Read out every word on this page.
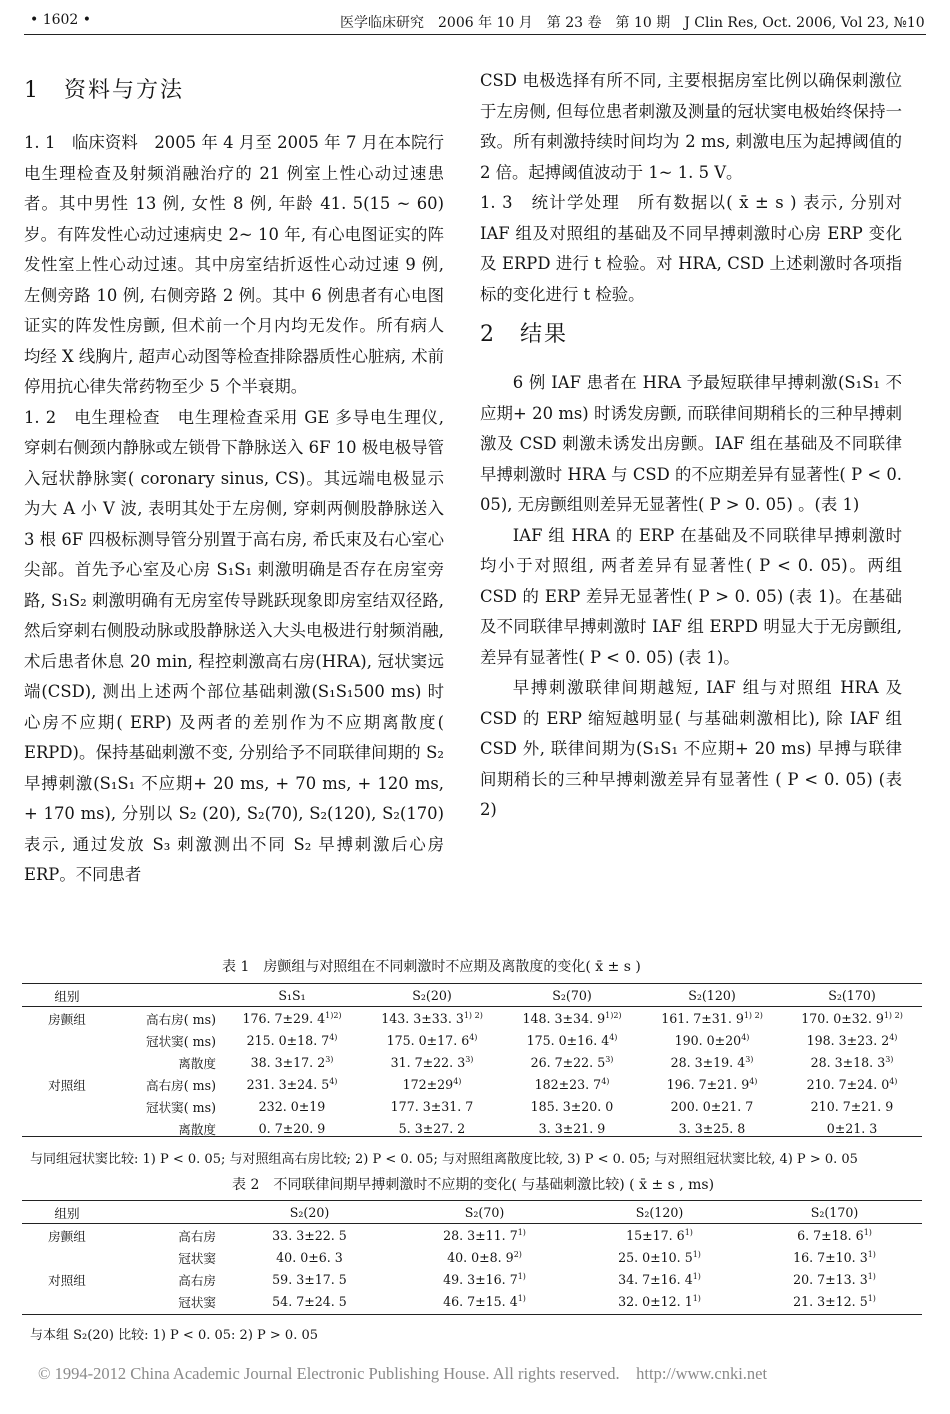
• 1602 •	医学临床研究　2006 年 10 月　第 23 卷　第 10 期　J Clin Res, Oct. 2006, Vol 23, №10
1　资料与方法

1. 1　临床资料　2005 年 4 月至 2005 年 7 月在本院行电生理检查及射频消融治疗的 21 例室上性心动过速患者。其中男性 13 例, 女性 8 例, 年龄 41. 5(15 ~ 60) 岁。有阵发性心动过速病史 2~ 10 年, 有心电图证实的阵发性室上性心动过速。其中房室结折返性心动过速 9 例, 左侧旁路 10 例, 右侧旁路 2 例。其中 6 例患者有心电图证实的阵发性房颤, 但术前一个月内均无发作。所有病人均经 X 线胸片, 超声心动图等检查排除器质性心脏病, 术前停用抗心律失常药物至少 5 个半衰期。

1. 2　电生理检查　电生理检查采用 GE 多导电生理仪, 穿刺右侧颈内静脉或左锁骨下静脉送入 6F 10 极电极导管入冠状静脉窦( coronary sinus, CS)。其远端电极显示为大 A 小 V 波, 表明其处于左房侧, 穿刺两侧股静脉送入 3 根 6F 四极标测导管分别置于高右房, 希氏束及右心室心尖部。首先予心室及心房 S₁S₁ 刺激明确是否存在房室旁路, S₁S₂ 刺激明确有无房室传导跳跃现象即房室结双径路, 然后穿刺右侧股动脉或股静脉送入大头电极进行射频消融, 术后患者休息 20 min, 程控刺激高右房(HRA), 冠状窦远端(CSD), 测出上述两个部位基础刺激(S₁S₁500 ms) 时心房不应期( ERP) 及两者的差别作为不应期离散度( ERPD)。保持基础刺激不变, 分别给予不同联律间期的 S₂ 早搏刺激(S₁S₁ 不应期+ 20 ms, + 70 ms, + 120 ms, + 170 ms), 分别以 S₂ (20), S₂(70), S₂(120), S₂(170) 表示, 通过发放 S₃ 刺激测出不同 S₂ 早搏刺激后心房 ERP。不同患者

CSD 电极选择有所不同, 主要根据房室比例以确保刺激位于左房侧, 但每位患者刺激及测量的冠状窦电极始终保持一致。所有刺激持续时间均为 2 ms, 刺激电压为起搏阈值的 2 倍。起搏阈值波动于 1~ 1. 5 V。

1. 3　统计学处理　所有数据以( x̄ ± s ) 表示, 分别对 IAF 组及对照组的基础及不同早搏刺激时心房 ERP 变化及 ERPD 进行 t 检验。对 HRA, CSD 上述刺激时各项指标的变化进行 t 检验。

2　结果

6 例 IAF 患者在 HRA 予最短联律早搏刺激(S₁S₁ 不应期+ 20 ms) 时诱发房颤, 而联律间期稍长的三种早搏刺激及 CSD 刺激未诱发出房颤。IAF 组在基础及不同联律早搏刺激时 HRA 与 CSD 的不应期差异有显著性( P < 0. 05), 无房颤组则差异无显著性( P > 0. 05) 。(表 1)

IAF 组 HRA 的 ERP 在基础及不同联律早搏刺激时均小于对照组, 两者差异有显著性( P < 0. 05)。两组 CSD 的 ERP 差异无显著性( P > 0. 05) (表 1)。在基础及不同联律早搏刺激时 IAF 组 ERPD 明显大于无房颤组, 差异有显著性( P < 0. 05) (表 1)。

早搏刺激联律间期越短, IAF 组与对照组 HRA 及 CSD 的 ERP 缩短越明显( 与基础刺激相比), 除 IAF 组 CSD 外, 联律间期为(S₁S₁ 不应期+ 20 ms) 早搏与联律间期稍长的三种早搏刺激差异有显著性 ( P < 0. 05) (表 2)

表 1　房颤组与对照组在不同刺激时不应期及离散度的变化( x̄ ± s )
组别		S₁S₁	S₂(20)	S₂(70)	S₂(120)	S₂(170)
房颤组	高右房( ms)	176. 7±29. $4^{1)2)}$	143. 3±33. $3^{1) 2)}$	148. 3±34. $9^{1)2)}$	161. 7±31. $9^{1) 2)}$	170. 0±32. $9^{1) 2)}$
	冠状窦( ms)	215. 0±18. 7$^{4)}$	175. 0±17. 6$^{4)}$	175. 0±16. 4$^{4)}$	190. $0\pm 20^{4)}$	198. 3±23. 2$^{4)}$
	离散度	38. 3±17. 2$^{3)}$	31. 7±22. 3$^{3)}$	26. 7±22. 5$^{3)}$	28. 3±19. 4$^{3)}$	28. 3±18. 3$^{3)}$
对照组	高右房( ms)	231. 3±24. 5$^{4)}$	$172\pm 29^{4)}$	182±23. 7$^{4)}$	196. 7±21. 9$^{4)}$	210. 7±24. 0$^{4)}$
	冠状窦( ms)	232. 0±19	177. 3±31. 7	185. 3±20. 0	200. 0±21. 7	210. 7±21. 9
	离散度	0. 7±20. 9	5. 3±27. 2	3. 3±21. 9	3. 3±25. 8	0±21. 3
与同组冠状窦比较: 1) P < 0. 05; 与对照组高右房比较; 2) P < 0. 05; 与对照组离散度比较, 3) P < 0. 05; 与对照组冠状窦比较, 4) P > 0. 05
表 2　不同联律间期早搏刺激时不应期的变化( 与基础刺激比较) ( x̄ ± s , ms)
组别		S₂(20)	S₂(70)	S₂(120)	S₂(170)
房颤组	高右房	33. 3±22. 5	28. 3±11. 7$^{1)}$	15±17. 6$^{1)}$	6. 7±18. 6$^{1)}$
	冠状窦	40. 0±6. 3	40. 0±8. 9$^{2)}$	25. 0±10. 5$^{1)}$	16. 7±10. 3$^{1)}$
对照组	高右房	59. 3±17. 5	49. 3±16. 7$^{1)}$	34. 7±16. 4$^{1)}$	20. 7±13. 3$^{1)}$
	冠状窦	54. 7±24. 5	46. 7±15. 4$^{1)}$	32. 0±12. 1$^{1)}$	21. 3±12. 5$^{1)}$
与本组 S₂(20) 比较: 1) P < 0. 05: 2) P > 0. 05
© 1994-2012 China Academic Journal Electronic Publishing House. All rights reserved.　http://www.cnki.net
